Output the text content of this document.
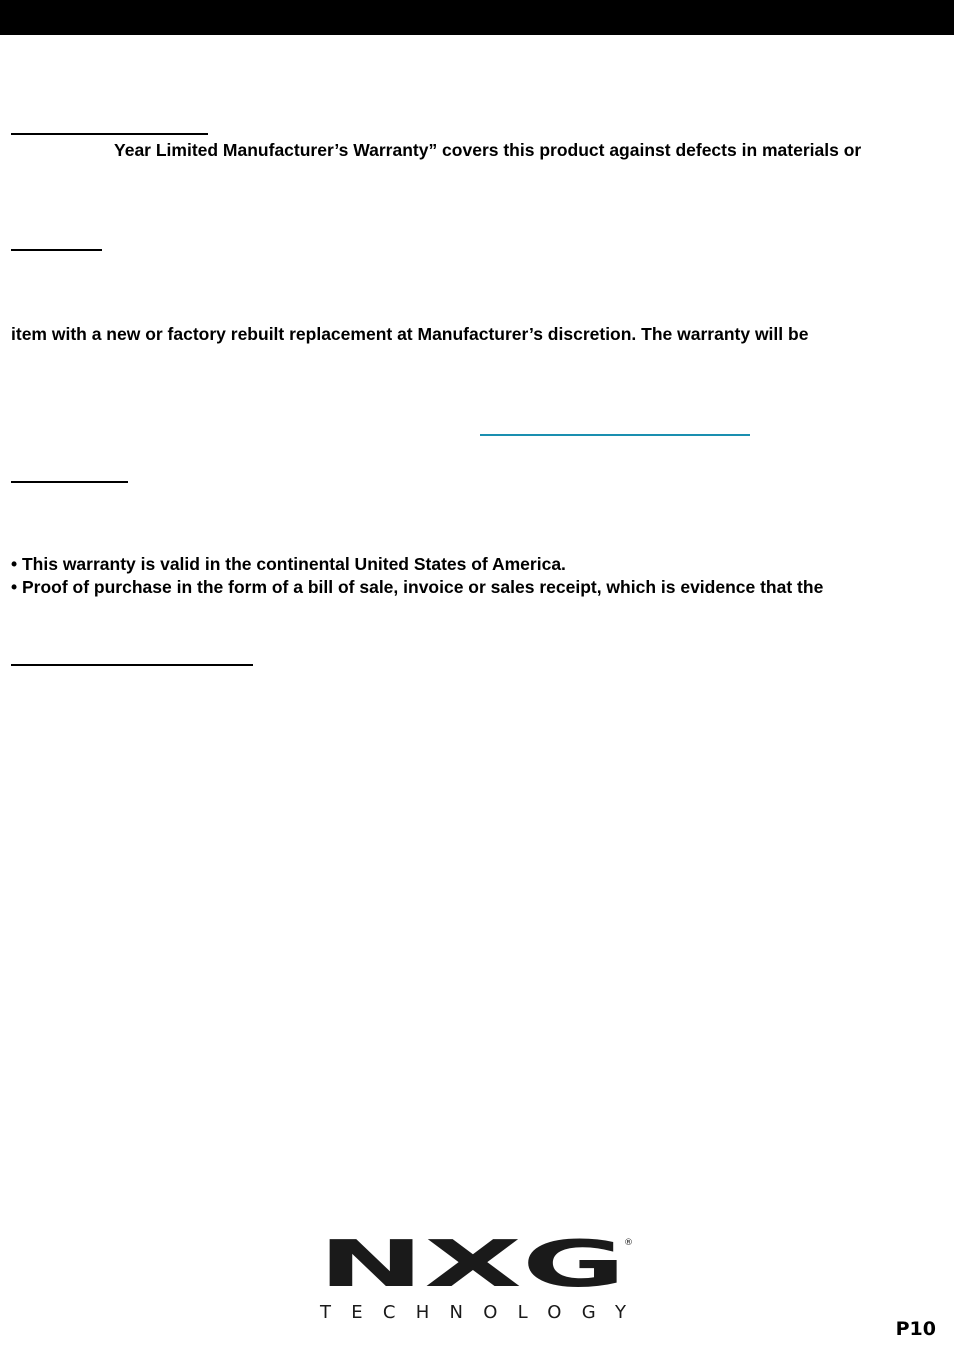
Year Limited Manufacturer’s Warranty” covers this product against defects in materials or
item with a new or factory rebuilt replacement at Manufacturer’s discretion. The warranty will be
• This warranty is valid in the continental United States of America.
• Proof of purchase in the form of a bill of sale, invoice or sales receipt, which is evidence that the
NXG
®
TECHNOLOGY
P10
